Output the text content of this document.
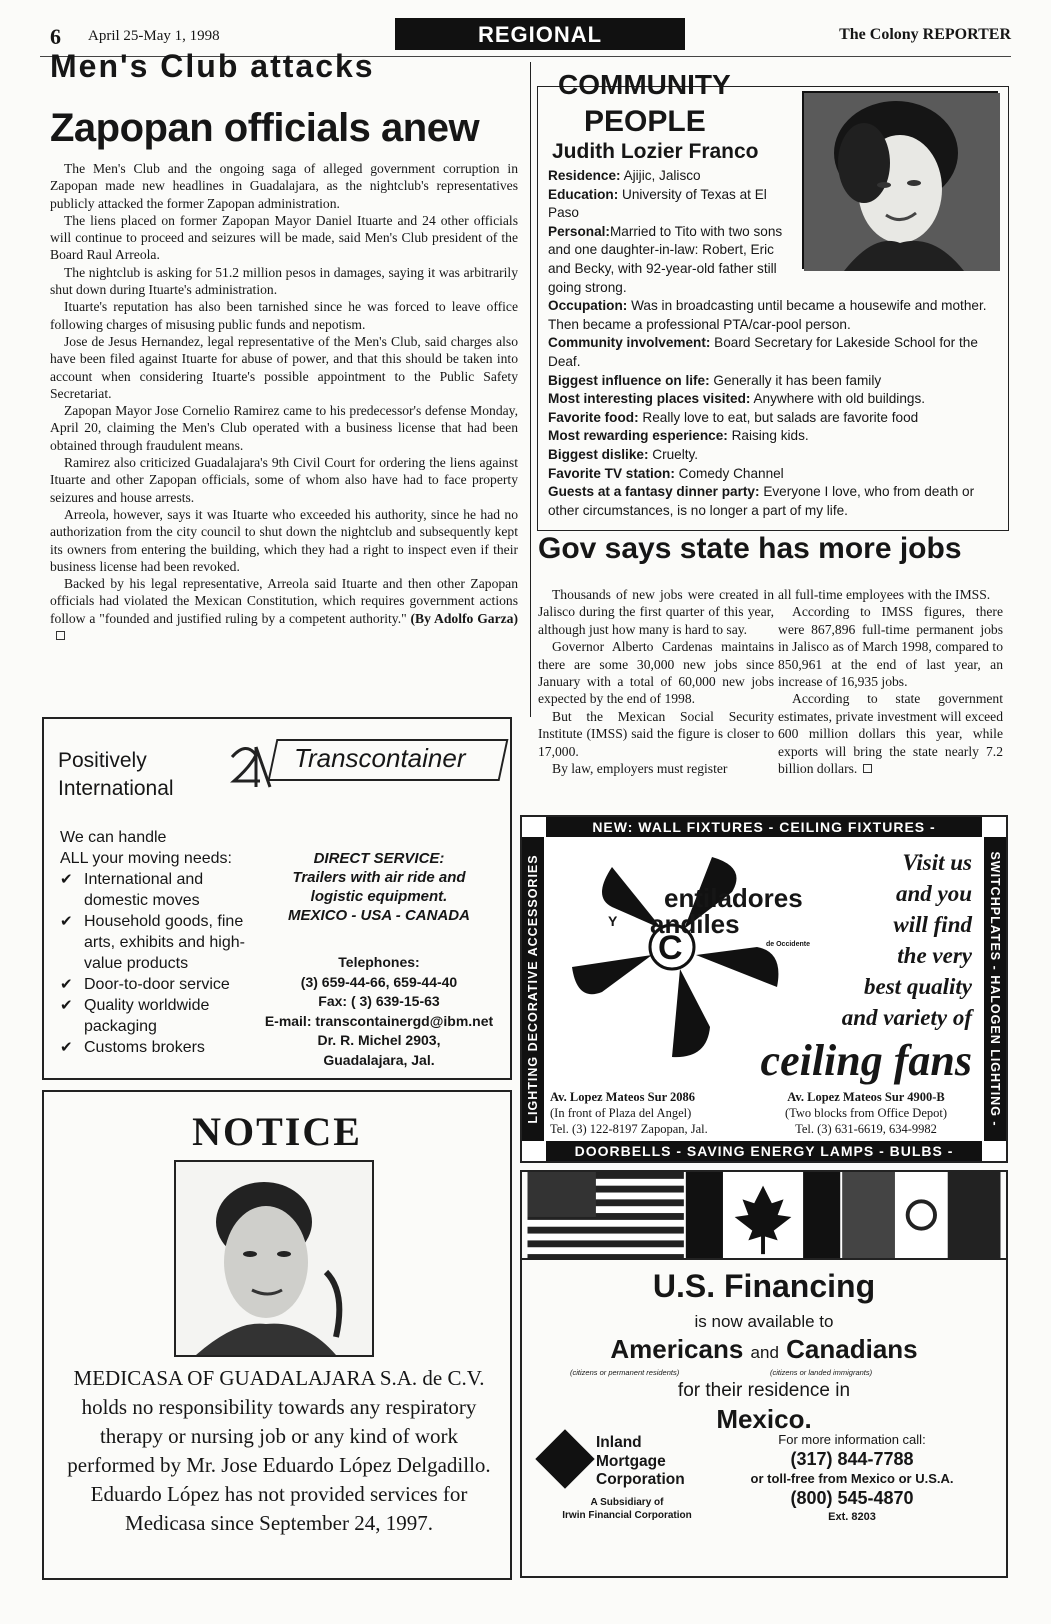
6 April 25-May 1, 1998	REGIONAL	The Colony REPORTER
Men's Club attacks
Zapopan officials anew

The Men's Club and the ongoing saga of alleged government corruption in Zapopan made new headlines in Guadalajara, as the nightclub's representatives publicly attacked the former Zapopan administration.

The liens placed on former Zapopan Mayor Daniel Ituarte and 24 other officials will continue to proceed and seizures will be made, said Men's Club president of the Board Raul Arreola.

The nightclub is asking for 51.2 million pesos in damages, saying it was arbitrarily shut down during Ituarte's administration.

Ituarte's reputation has also been tarnished since he was forced to leave office following charges of misusing public funds and nepotism.

Jose de Jesus Hernandez, legal representative of the Men's Club, said charges also have been filed against Ituarte for abuse of power, and that this should be taken into account when considering Ituarte's possible appointment to the Public Safety Secretariat.

Zapopan Mayor Jose Cornelio Ramirez came to his predecessor's defense Monday, April 20, claiming the Men's Club operated with a business license that had been obtained through fraudulent means.

Ramirez also criticized Guadalajara's 9th Civil Court for ordering the liens against Ituarte and other Zapopan officials, some of whom also have had to face property seizures and house arrests.

Arreola, however, says it was Ituarte who exceeded his authority, since he had no authorization from the city council to shut down the nightclub and subsequently kept its owners from entering the building, which they had a right to inspect even if their business license had been revoked.

Backed by his legal representative, Arreola said Ituarte and then other Zapopan officials had violated the Mexican Constitution, which requires government actions follow a "founded and justified ruling by a competent authority." (By Adolfo Garza)

COMMUNITY
PEOPLE
Judith Lozier Franco
Residence: Ajijic, Jalisco
Education: University of Texas at El Paso
Personal:Married to Tito with two sons and one daughter-in-law: Robert, Eric and Becky, with 92-year-old father still going strong.
Occupation: Was in broadcasting until became a housewife and mother. Then became a professional PTA/car-pool person.
Community involvement: Board Secretary for Lakeside School for the Deaf.
Biggest influence on life: Generally it has been family
Most interesting places visited: Anywhere with old buildings.
Favorite food: Really love to eat, but salads are favorite food
Most rewarding esperience: Raising kids.
Biggest dislike: Cruelty.
Favorite TV station: Comedy Channel
Guests at a fantasy dinner party: Everyone I love, who from death or other circumstances, is no longer a part of my life.
Gov says state has more jobs

Thousands of new jobs were created in Jalisco during the first quarter of this year, although just how many is hard to say.

Governor Alberto Cardenas maintains there are some 30,000 new jobs since January with a total of 60,000 new jobs expected by the end of 1998.

But the Mexican Social Security Institute (IMSS) said the figure is closer to 17,000.

By law, employers must register

all full-time employees with the IMSS.

According to IMSS figures, there were 867,896 full-time permanent jobs in Jalisco as of March 1998, compared to 850,961 at the end of last year, an increase of 16,935 jobs.

According to state government estimates, private investment will exceed 600 million dollars this year, while exports will bring the state nearly 7.2 billion dollars.

Positively
International
Transcontainer
We can handle
ALL your moving needs:
✔ International and domestic moves
✔ Household goods, fine arts, exhibits and high-value products
✔ Door-to-door service
✔ Quality worldwide packaging
✔ Customs brokers
DIRECT SERVICE:
Trailers with air ride and logistic equipment.
MEXICO - USA - CANADA
Telephones:
(3) 659-44-66, 659-44-40
Fax: ( 3) 639-15-63
E-mail: transcontainergd@ibm.net
Dr. R. Michel 2903,
Guadalajara, Jal.
NOTICE
MEDICASA OF GUADALAJARA S.A. de C.V. holds no responsibility towards any respiratory therapy or nursing job or any kind of work performed by Mr. Jose Eduardo López Delgadillo. Eduardo López has not provided services for Medicasa since September 24, 1997.
NEW: WALL FIXTURES - CEILING FIXTURES -
DOORBELLS - SAVING ENERGY LAMPS - BULBS -
LIGHTING DECORATIVE ACCESSORIES	SWITCHPLATES - HALOGEN LIGHTING -
C
entiladores
Y andiles
de Occidente
Visit us
and you
will find
the very
best quality
and variety of
ceiling fans
Av. Lopez Mateos Sur 2086
(In front of Plaza del Angel)
Tel. (3) 122-8197 Zapopan, Jal.
Av. Lopez Mateos Sur 4900-B
(Two blocks from Office Depot)
Tel. (3) 631-6619, 634-9982
U.S. Financing
is now available to
Americans and Canadians
(citizens or permanent residents)	(citizens or landed immigrants)
for their residence in
Mexico.
Inland
Mortgage
Corporation
A Subsidiary of
Irwin Financial Corporation
For more information call:
(317) 844-7788
or toll-free from Mexico or U.S.A.
(800) 545-4870
Ext. 8203
